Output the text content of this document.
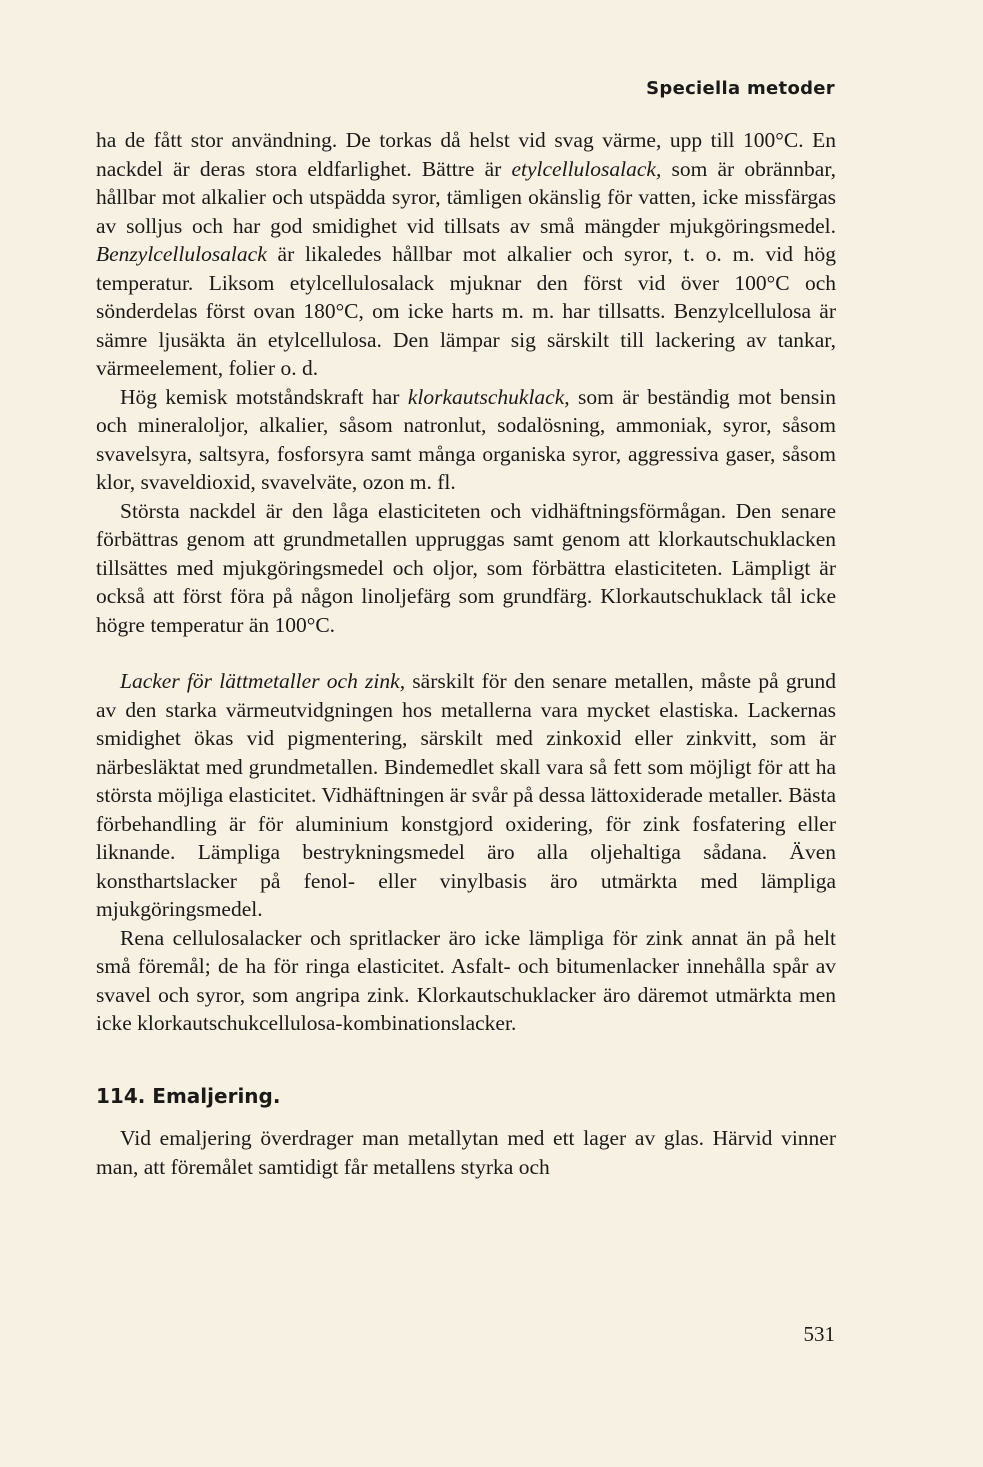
Speciella metoder

ha de fått stor användning. De torkas då helst vid svag värme, upp till 100°C. En nackdel är deras stora eldfarlighet. Bättre är etylcellulosalack, som är obrännbar, hållbar mot alkalier och utspädda syror, tämligen okänslig för vatten, icke missfärgas av solljus och har god smidighet vid tillsats av små mängder mjukgöringsmedel. Benzylcellulosalack är likaledes hållbar mot alkalier och syror, t. o. m. vid hög temperatur. Liksom etylcellulosalack mjuknar den först vid över 100°C och sönderdelas först ovan 180°C, om icke harts m. m. har tillsatts. Benzylcellulosa är sämre ljusäkta än etylcellulosa. Den lämpar sig särskilt till lackering av tankar, värmeelement, folier o. d.

Hög kemisk motståndskraft har klorkautschuklack, som är beständig mot bensin och mineraloljor, alkalier, såsom natronlut, sodalösning, ammoniak, syror, såsom svavelsyra, saltsyra, fosforsyra samt många organiska syror, aggressiva gaser, såsom klor, svaveldioxid, svavelväte, ozon m. fl.

Största nackdel är den låga elasticiteten och vidhäftningsförmågan. Den senare förbättras genom att grundmetallen uppruggas samt genom att klorkautschuklacken tillsättes med mjukgöringsmedel och oljor, som förbättra elasticiteten. Lämpligt är också att först föra på någon linoljefärg som grundfärg. Klorkautschuklack tål icke högre temperatur än 100°C.

Lacker för lättmetaller och zink, särskilt för den senare metallen, måste på grund av den starka värmeutvidgningen hos metallerna vara mycket elastiska. Lackernas smidighet ökas vid pigmentering, särskilt med zinkoxid eller zinkvitt, som är närbesläktat med grundmetallen. Bindemedlet skall vara så fett som möjligt för att ha största möjliga elasticitet. Vidhäftningen är svår på dessa lättoxiderade metaller. Bästa förbehandling är för aluminium konstgjord oxidering, för zink fosfatering eller liknande. Lämpliga bestrykningsmedel äro alla oljehaltiga sådana. Även konsthartslacker på fenol- eller vinylbasis äro utmärkta med lämpliga mjukgöringsmedel.

Rena cellulosalacker och spritlacker äro icke lämpliga för zink annat än på helt små föremål; de ha för ringa elasticitet. Asfalt- och bitumenlacker innehålla spår av svavel och syror, som angripa zink. Klorkautschuklacker äro däremot utmärkta men icke klorkautschukcellulosa-kombinationslacker.

114. Emaljering.

Vid emaljering överdrager man metallytan med ett lager av glas. Härvid vinner man, att föremålet samtidigt får metallens styrka och

531
